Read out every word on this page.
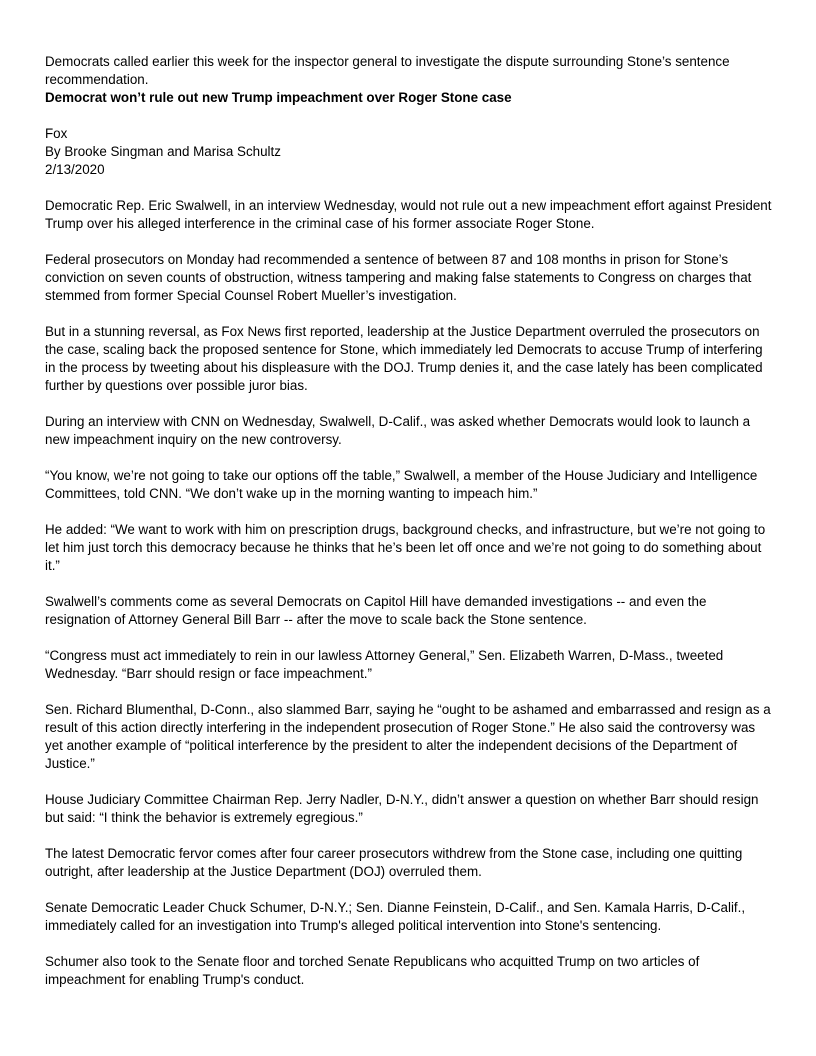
Democrats called earlier this week for the inspector general to investigate the dispute surrounding Stone’s sentence recommendation.

Democrat won’t rule out new Trump impeachment over Roger Stone case

Fox

By Brooke Singman and Marisa Schultz

2/13/2020

Democratic Rep. Eric Swalwell, in an interview Wednesday, would not rule out a new impeachment effort against President Trump over his alleged interference in the criminal case of his former associate Roger Stone.

Federal prosecutors on Monday had recommended a sentence of between 87 and 108 months in prison for Stone’s conviction on seven counts of obstruction, witness tampering and making false statements to Congress on charges that stemmed from former Special Counsel Robert Mueller’s investigation.

But in a stunning reversal, as Fox News first reported, leadership at the Justice Department overruled the prosecutors on the case, scaling back the proposed sentence for Stone, which immediately led Democrats to accuse Trump of interfering in the process by tweeting about his displeasure with the DOJ. Trump denies it, and the case lately has been complicated further by questions over possible juror bias.

During an interview with CNN on Wednesday, Swalwell, D-Calif., was asked whether Democrats would look to launch a new impeachment inquiry on the new controversy.

“You know, we’re not going to take our options off the table,” Swalwell, a member of the House Judiciary and Intelligence Committees, told CNN. “We don’t wake up in the morning wanting to impeach him.”

He added: “We want to work with him on prescription drugs, background checks, and infrastructure, but we’re not going to let him just torch this democracy because he thinks that he’s been let off once and we’re not going to do something about it.”

Swalwell’s comments come as several Democrats on Capitol Hill have demanded investigations -- and even the resignation of Attorney General Bill Barr -- after the move to scale back the Stone sentence.

“Congress must act immediately to rein in our lawless Attorney General,” Sen. Elizabeth Warren, D-Mass., tweeted Wednesday. “Barr should resign or face impeachment.”

Sen. Richard Blumenthal, D-Conn., also slammed Barr, saying he “ought to be ashamed and embarrassed and resign as a result of this action directly interfering in the independent prosecution of Roger Stone.” He also said the controversy was yet another example of “political interference by the president to alter the independent decisions of the Department of Justice.”

House Judiciary Committee Chairman Rep. Jerry Nadler, D-N.Y., didn’t answer a question on whether Barr should resign but said: “I think the behavior is extremely egregious.”

The latest Democratic fervor comes after four career prosecutors withdrew from the Stone case, including one quitting outright, after leadership at the Justice Department (DOJ) overruled them.

Senate Democratic Leader Chuck Schumer, D-N.Y.; Sen. Dianne Feinstein, D-Calif., and Sen. Kamala Harris, D-Calif., immediately called for an investigation into Trump's alleged political intervention into Stone's sentencing.

Schumer also took to the Senate floor and torched Senate Republicans who acquitted Trump on two articles of impeachment for enabling Trump's conduct.
